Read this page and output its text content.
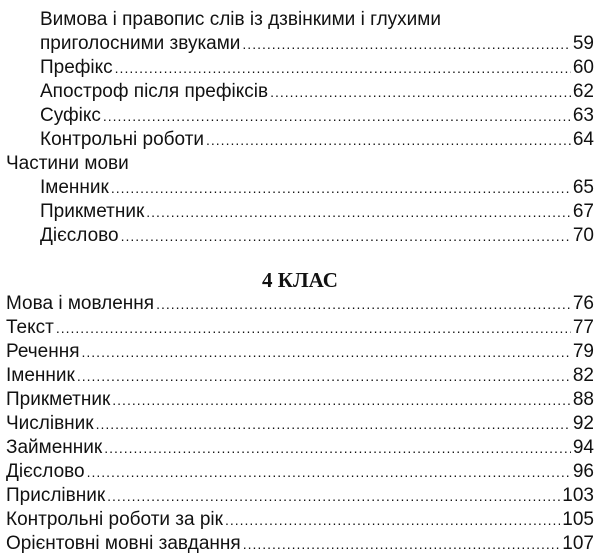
Вимова і правопис слів із дзвінкими і глухими
приголосними звуками .....	59
Префікс .....	60
Апостроф після префіксів .....	62
Суфікс .....	63
Контрольні роботи .....	64
Частини мови
Іменник .....	65
Прикметник .....	67
Дієслово .....	70
4 КЛАС
Мова і мовлення .....	76
Текст .....	77
Речення .....	79
Іменник .....	82
Прикметник .....	88
Числівник .....	92
Займенник .....	94
Дієслово .....	96
Прислівник .....	103
Контрольні роботи за рік .....	105
Орієнтовні мовні завдання .....	107
